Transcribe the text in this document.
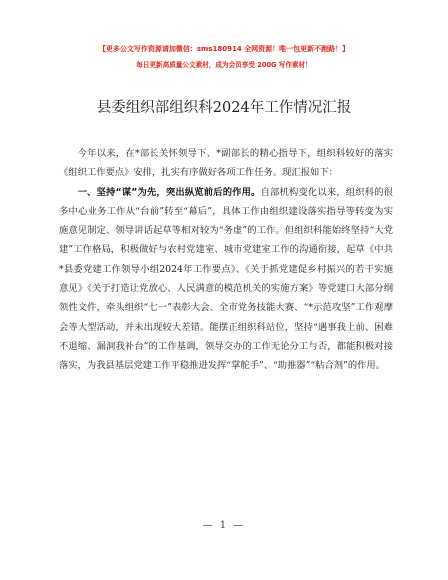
【更多公文写作资源请加微信：sms180914 全网资源！唯一包更新不跑路！】
每日更新高质量公文素材，成为会员享受 200G 写作素材！
县委组织部组织科2024年工作情况汇报

今年以来，在*部长关怀领导下、*副部长的精心指导下，组织科较好的落实《组织工作要点》安排，扎实有序做好各项工作任务。现汇报如下：

一、坚持“谋”为先，突出纵览前后的作用。自部机构变化以来，组织科的很多中心业务工作从“台前”转至“幕后”，具体工作由组织建设落实指导等转变为实施意见制定、领导讲话起草等相对较为“务虚”的工作。但组织科能始终坚持“大党建”工作格局，积极做好与农村党建室、城市党建室工作的沟通衔接，起草《中共*县委党建工作领导小组2024年工作要点》、《关于抓党建促乡村振兴的若干实施意见》《关于打造让党放心、人民满意的模范机关的实施方案》等党建口大部分纲领性文件，牵头组织“七一”表彰大会、全市党务技能大赛、“*示范攻坚”工作观摩会等大型活动，并未出现较大差错。能摆正组织科站位，坚持“遇事我上前、困难不退缩、漏洞我补台”的工作基调，领导交办的工作无论分工与否，都能积极对接落实，为我县基层党建工作平稳推进发挥“掌舵手”、“助推器”“粘合剂”的作用。

— 1 —
